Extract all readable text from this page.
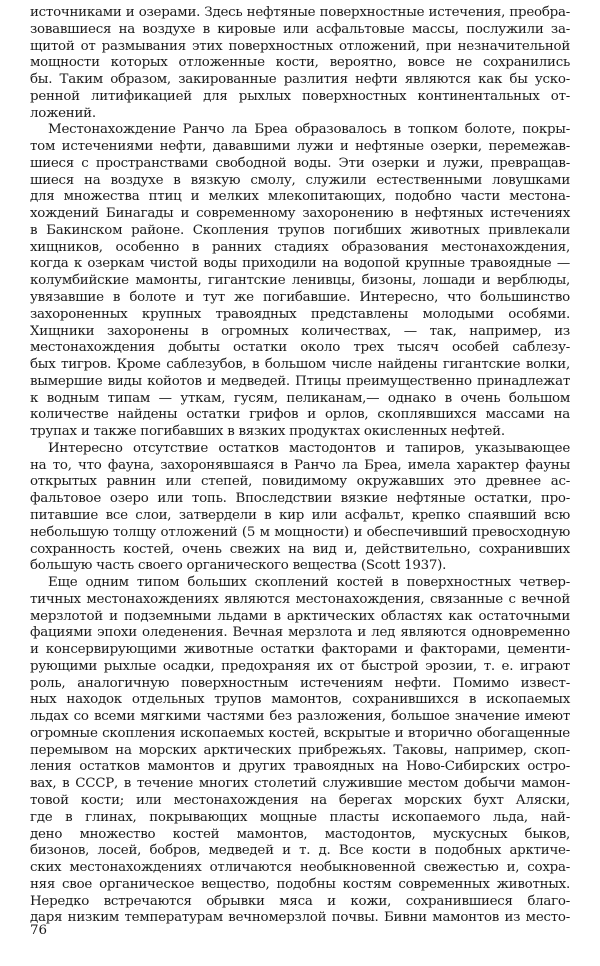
источниками и озерами. Здесь нефтяные поверхностные истечения, преобра-
зовавшиеся на воздухе в кировые или асфальтовые массы, послужили за-
щитой от размывания этих поверхностных отложений, при незначительной
мощности которых отложенные кости, вероятно, вовсе не сохранились
бы. Таким образом, закированные разлития нефти являются как бы уско-
ренной литификацией для рыхлых поверхностных континентальных от-
ложений.
Местонахождение Ранчо ла Бреа образовалось в топком болоте, покры-
том истечениями нефти, дававшими лужи и нефтяные озерки, перемежав-
шиеся с пространствами свободной воды. Эти озерки и лужи, превращав-
шиеся на воздухе в вязкую смолу, служили естественными ловушками
для множества птиц и мелких млекопитающих, подобно части местона-
хождений Бинагады и современному захоронению в нефтяных истечениях
в Бакинском районе. Скопления трупов погибших животных привлекали
хищников, особенно в ранних стадиях образования местонахождения,
когда к озеркам чистой воды приходили на водопой крупные травоядные —
колумбийские мамонты, гигантские ленивцы, бизоны, лошади и верблюды,
увязавшие в болоте и тут же погибавшие. Интересно, что большинство
захороненных крупных травоядных представлены молодыми особями.
Хищники захоронены в огромных количествах, — так, например, из
местонахождения добыты остатки около трех тысяч особей саблезу-
бых тигров. Кроме саблезубов, в большом числе найдены гигантские волки,
вымершие виды койотов и медведей. Птицы преимущественно принадлежат
к водным типам — уткам, гусям, пеликанам,— однако в очень большом
количестве найдены остатки грифов и орлов, скоплявшихся массами на
трупах и также погибавших в вязких продуктах окисленных нефтей.
Интересно отсутствие остатков мастодонтов и тапиров, указывающее
на то, что фауна, захоронявшаяся в Ранчо ла Бреа, имела характер фауны
открытых равнин или степей, повидимому окружавших это древнее ас-
фальтовое озеро или топь. Впоследствии вязкие нефтяные остатки, про-
питавшие все слои, затвердели в кир или асфальт, крепко спаявший всю
небольшую толщу отложений (5 м мощности) и обеспечивший превосходную
сохранность костей, очень свежих на вид и, действительно, сохранивших
большую часть своего органического вещества (Scott 1937).
Еще одним типом больших скоплений костей в поверхностных четвер-
тичных местонахождениях являются местонахождения, связанные с вечной
мерзлотой и подземными льдами в арктических областях как остаточными
фациями эпохи оледенения. Вечная мерзлота и лед являются одновременно
и консервирующими животные остатки факторами и факторами, цементи-
рующими рыхлые осадки, предохраняя их от быстрой эрозии, т. е. играют
роль, аналогичную поверхностным истечениям нефти. Помимо извест-
ных находок отдельных трупов мамонтов, сохранившихся в ископаемых
льдах со всеми мягкими частями без разложения, большое значение имеют
огромные скопления ископаемых костей, вскрытые и вторично обогащенные
перемывом на морских арктических прибрежьях. Таковы, например, скоп-
ления остатков мамонтов и других травоядных на Ново-Сибирских остро-
вах, в СССР, в течение многих столетий служившие местом добычи мамон-
товой кости; или местонахождения на берегах морских бухт Аляски,
где в глинах, покрывающих мощные пласты ископаемого льда, най-
дено множество костей мамонтов, мастодонтов, мускусных быков,
бизонов, лосей, бобров, медведей и т. д. Все кости в подобных арктиче-
ских местонахождениях отличаются необыкновенной свежестью и, сохра-
няя свое органическое вещество, подобны костям современных животных.
Нередко встречаются обрывки мяса и кожи, сохранившиеся благо-
даря низким температурам вечномерзлой почвы. Бивни мамонтов из место-
76
